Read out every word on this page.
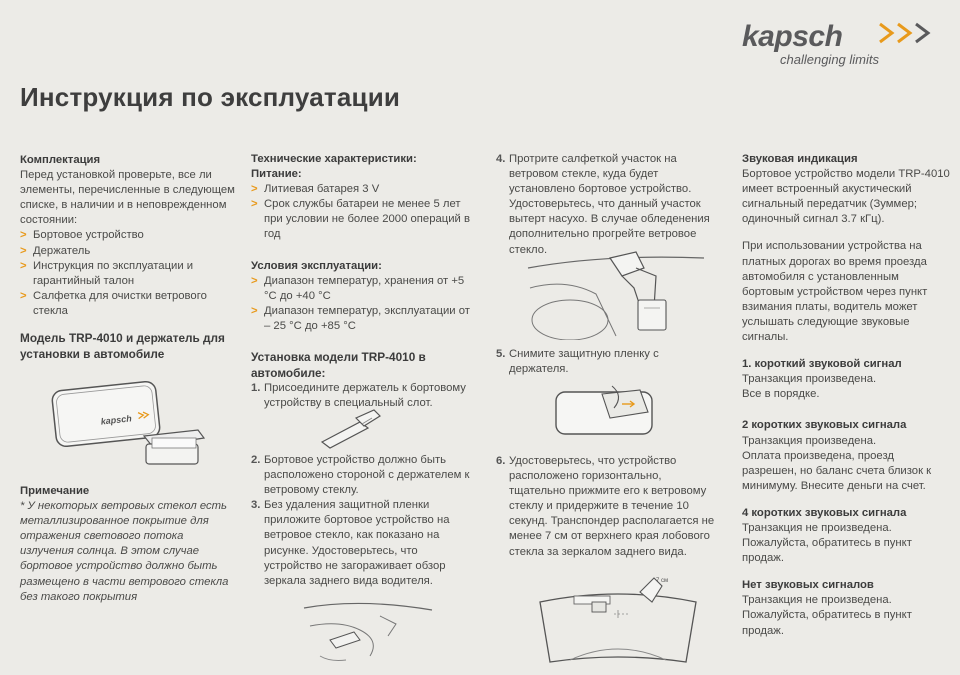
kapsch
challenging limits
Инструкция по эксплуатации

Комплектация

Перед установкой проверьте, все ли элементы, перечисленные в следующем списке, в наличии и в неповрежденном состоянии:

> Бортовое устройство
> Держатель
> Инструкция по эксплуатации и гарантийный талон
> Салфетка для очистки ветрового стекла

Модель TRP-4010 и держатель для установки в автомобиле

kapsch

Примечание

* У некоторых ветровых стекол есть металлизированное покрытие для отражения светового потока излучения солнца. В этом случае бортовое устройство должно быть размещено в части ветрового стекла без такого покрытия

Технические характеристики:

Питание:

> Литиевая батарея 3 V
> Срок службы батареи не менее 5 лет при условии не более 2000 операций в год

Условия эксплуатации:

> Диапазон температур, хранения от +5 °С до +40 °С
> Диапазон температур, эксплуатации от – 25 °С до +85 °С

Установка модели TRP-4010 в автомобиле:

1. Присоедините держатель к бортовому устройству в специальный слот.
2. Бортовое устройство должно быть расположено стороной с держателем к ветровому стеклу.
3. Без удаления защитной пленки приложите бортовое устройство на ветровое стекло, как показано на рисунке. Удостоверьтесь, что устройство не загораживает обзор зеркала заднего вида водителя.
4. Протрите салфеткой участок на ветровом стекле, куда будет установлено бортовое устройство. Удостоверьтесь, что данный участок вытерт насухо. В случае обледенения дополнительно прогрейте ветровое стекло.
5. Снимите защитную пленку с держателя.
6. Удостоверьтесь, что устройство расположено горизонтально, тщательно прижмите его к ветровому стеклу и придержите в течение 10 секунд. Транспондер располагается не менее 7 см от верхнего края лобового стекла за зеркалом заднего вида.
7 см

Звуковая индикация

Бортовое устройство модели TRP-4010 имеет встроенный акустический сигнальный передатчик (Зуммер; одиночный сигнал 3.7 кГц).

При использовании устройства на платных дорогах во время проезда автомобиля с установленным бортовым устройством через пункт взимания платы, водитель может услышать следующие звуковые сигналы.

1. короткий звуковой сигнал

Транзакция произведена.

Все в порядке.

2 коротких звуковых сигнала

Транзакция произведена.

Оплата произведена, проезд разрешен, но баланс счета близок к минимуму. Внесите деньги на счет.

4 коротких звуковых сигнала

Транзакция не произведена.

Пожалуйста, обратитесь в пункт продаж.

Нет звуковых сигналов

Транзакция не произведена.

Пожалуйста, обратитесь в пункт продаж.
